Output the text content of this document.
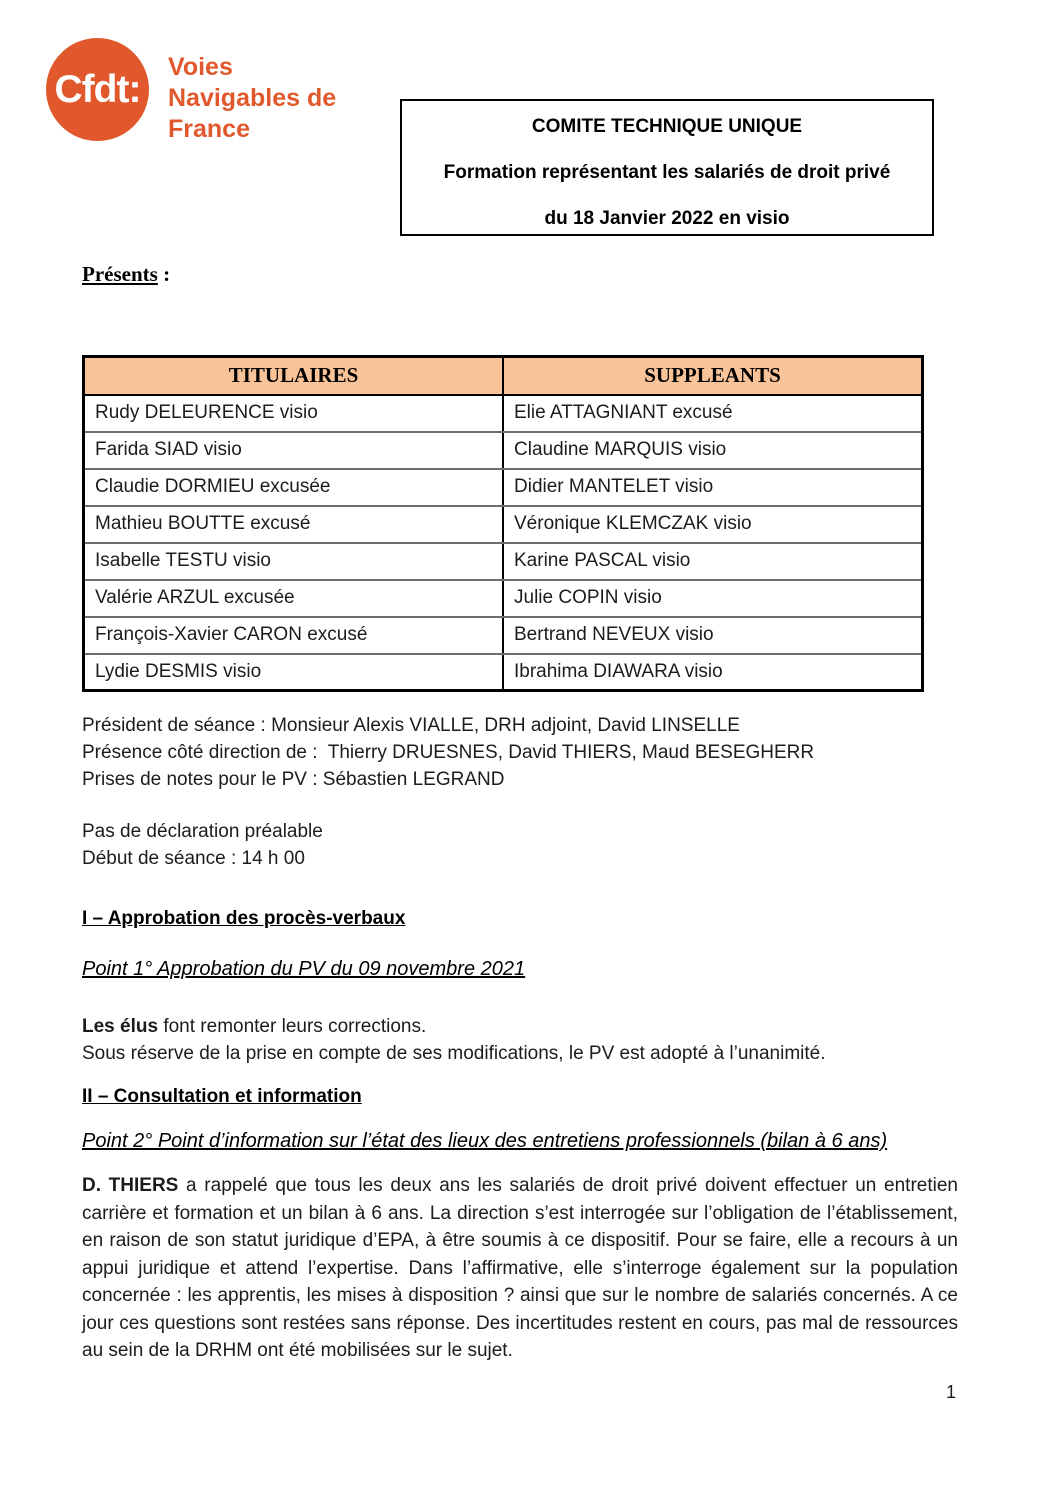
Cfdt:
Voies
Navigables de
France	COMITE TECHNIQUE UNIQUE

Formation représentant les salariés de droit privé

du 18 Janvier 2022 en visio

Présents :
TITULAIRES	SUPPLEANTS
Rudy DELEURENCE visio	Elie ATTAGNIANT excusé
Farida SIAD visio	Claudine MARQUIS visio
Claudie DORMIEU excusée	Didier MANTELET visio
Mathieu BOUTTE excusé	Véronique KLEMCZAK visio
Isabelle TESTU visio	Karine PASCAL visio
Valérie ARZUL excusée	Julie COPIN visio
François-Xavier CARON excusé	Bertrand NEVEUX visio
Lydie DESMIS visio	Ibrahima DIAWARA visio

Président de séance : Monsieur Alexis VIALLE, DRH adjoint, David LINSELLE

Présence côté direction de :  Thierry DRUESNES, David THIERS, Maud BESEGHERR

Prises de notes pour le PV : Sébastien LEGRAND

Pas de déclaration préalable

Début de séance : 14 h 00

I – Approbation des procès-verbaux
Point 1° Approbation du PV du 09 novembre 2021

Les élus font remonter leurs corrections.

Sous réserve de la prise en compte de ses modifications, le PV est adopté à l’unanimité.

II – Consultation et information
Point 2° Point d’information sur l’état des lieux des entretiens professionnels (bilan à 6 ans)
D. THIERS a rappelé que tous les deux ans les salariés de droit privé doivent effectuer un entretien carrière et formation et un bilan à 6 ans. La direction s’est interrogée sur l’obligation de l’établissement, en raison de son statut juridique d’EPA, à être soumis à ce dispositif. Pour se faire, elle a recours à un appui juridique et attend l’expertise. Dans l’affirmative, elle s’interroge également sur la population concernée : les apprentis, les mises à disposition ? ainsi que sur le nombre de salariés concernés. A ce jour ces questions sont restées sans réponse. Des incertitudes restent en cours, pas mal de ressources au sein de la DRHM ont été mobilisées sur le sujet.
1
